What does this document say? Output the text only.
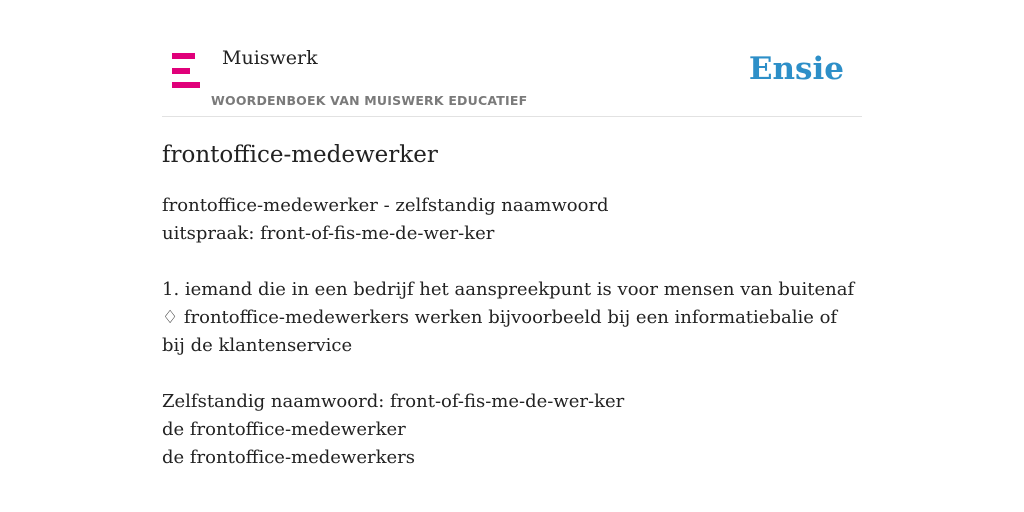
Muiswerk
WOORDENBOEK VAN MUISWERK EDUCATIEF
Ensie
frontoffice-medewerker
frontoffice-medewerker - zelfstandig naamwoord
uitspraak: front-of-fis-me-de-wer-ker
1. iemand die in een bedrijf het aanspreekpunt is voor mensen van buitenaf
♢ frontoffice-medewerkers werken bijvoorbeeld bij een informatiebalie of bij de klantenservice
Zelfstandig naamwoord: front-of-fis-me-de-wer-ker
de frontoffice-medewerker
de frontoffice-medewerkers
